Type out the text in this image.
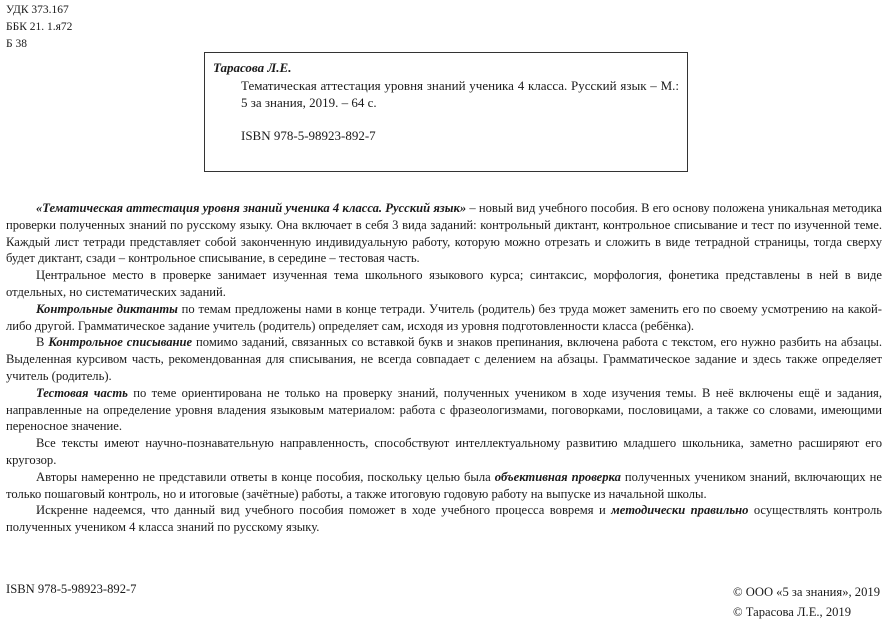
УДК 373.167
ББК 21. 1.я72
Б 38
Тарасова Л.Е.
Тематическая аттестация уровня знаний ученика 4 класса. Русский язык – М.: 5 за знания, 2019. – 64 с.
ISBN 978-5-98923-892-7

«Тематическая аттестация уровня знаний ученика 4 класса. Русский язык» – новый вид учебного пособия. В его основу положена уникальная методика проверки полученных знаний по русскому языку. Она включает в себя 3 вида заданий: контрольный диктант, контрольное списывание и тест по изученной теме. Каждый лист тетради представляет собой законченную индивидуальную работу, которую можно отрезать и сложить в виде тетрадной страницы, тогда сверху будет диктант, сзади – контрольное списывание, в середине – тестовая часть.

Центральное место в проверке занимает изученная тема школьного языкового курса; синтаксис, морфология, фонетика представлены в ней в виде отдельных, но систематических заданий.

Контрольные диктанты по темам предложены нами в конце тетради. Учитель (родитель) без труда может заменить его по своему усмотрению на какой-либо другой. Грамматическое задание учитель (родитель) определяет сам, исходя из уровня подготовленности класса (ребёнка).

В Контрольное списывание помимо заданий, связанных со вставкой букв и знаков препинания, включена работа с текстом, его нужно разбить на абзацы. Выделенная курсивом часть, рекомендованная для списывания, не всегда совпадает с делением на абзацы. Грамматическое задание и здесь также определяет учитель (родитель).

Тестовая часть по теме ориентирована не только на проверку знаний, полученных учеником в ходе изучения темы. В неё включены ещё и задания, направленные на определение уровня владения языковым материалом: работа с фразеологизмами, поговорками, пословицами, а также со словами, имеющими переносное значение.

Все тексты имеют научно-познавательную направленность, способствуют интеллектуальному развитию младшего школьника, заметно расширяют его кругозор.

Авторы намеренно не представили ответы в конце пособия, поскольку целью была объективная проверка полученных учеником знаний, включающих не только пошаговый контроль, но и итоговые (зачётные) работы, а также итоговую годовую работу на выпуске из начальной школы.

Искренне надеемся, что данный вид учебного пособия поможет в ходе учебного процесса вовремя и методически правильно осуществлять контроль полученных учеником 4 класса знаний по русскому языку.

ISBN 978-5-98923-892-7	© ООО «5 за знания», 2019
© Тарасова Л.Е., 2019
